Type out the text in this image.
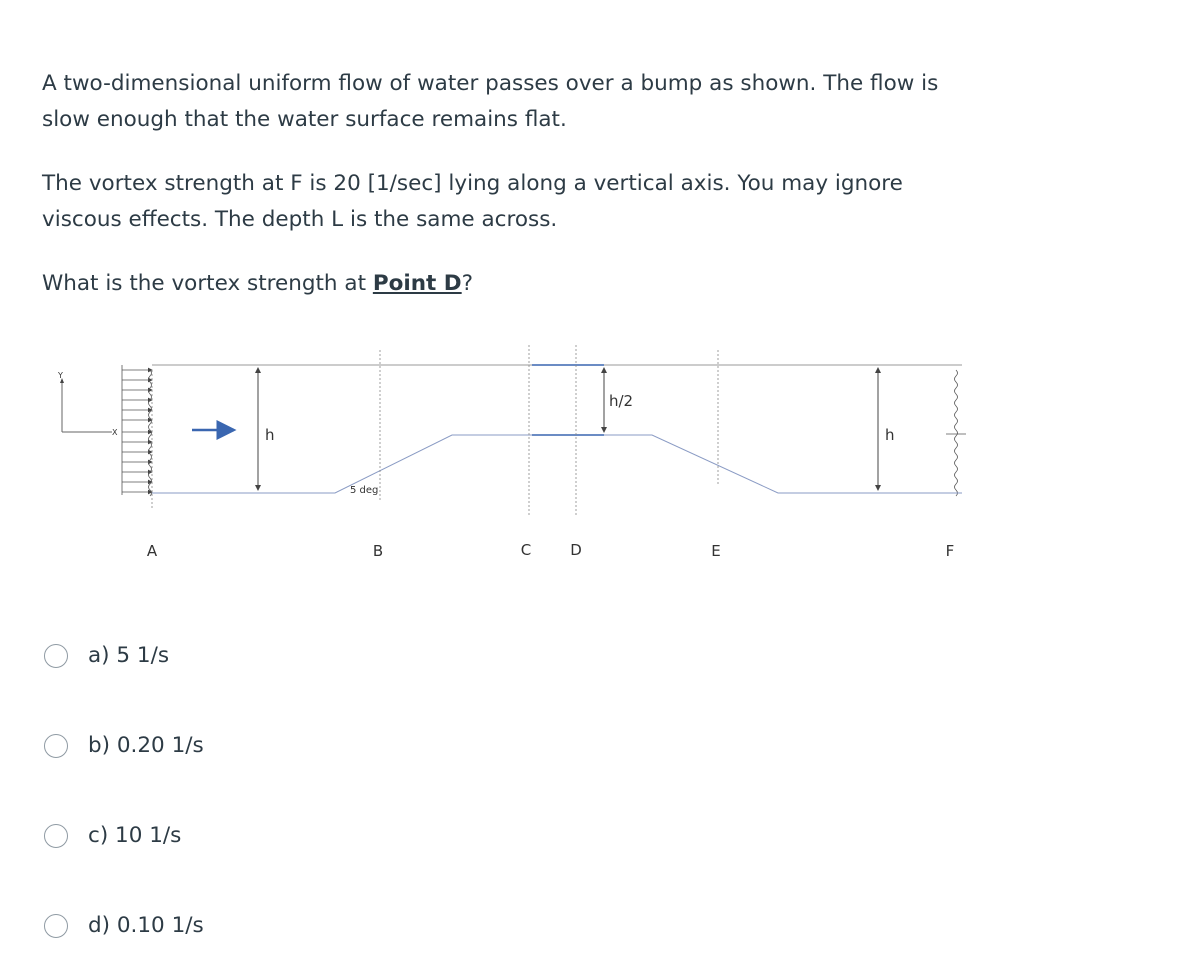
A two-dimensional uniform flow of water passes over a bump as shown. The flow is
slow enough that the water surface remains flat.

The vortex strength at F is 20 [1/sec] lying along a vertical axis. You may ignore
viscous effects. The depth L is the same across.

What is the vortex strength at Point D?

Y
X	h
h/2
h
5 deg
A	B	C	D	E	F
a) 5 1/s
b) 0.20 1/s
c) 10 1/s
d) 0.10 1/s
